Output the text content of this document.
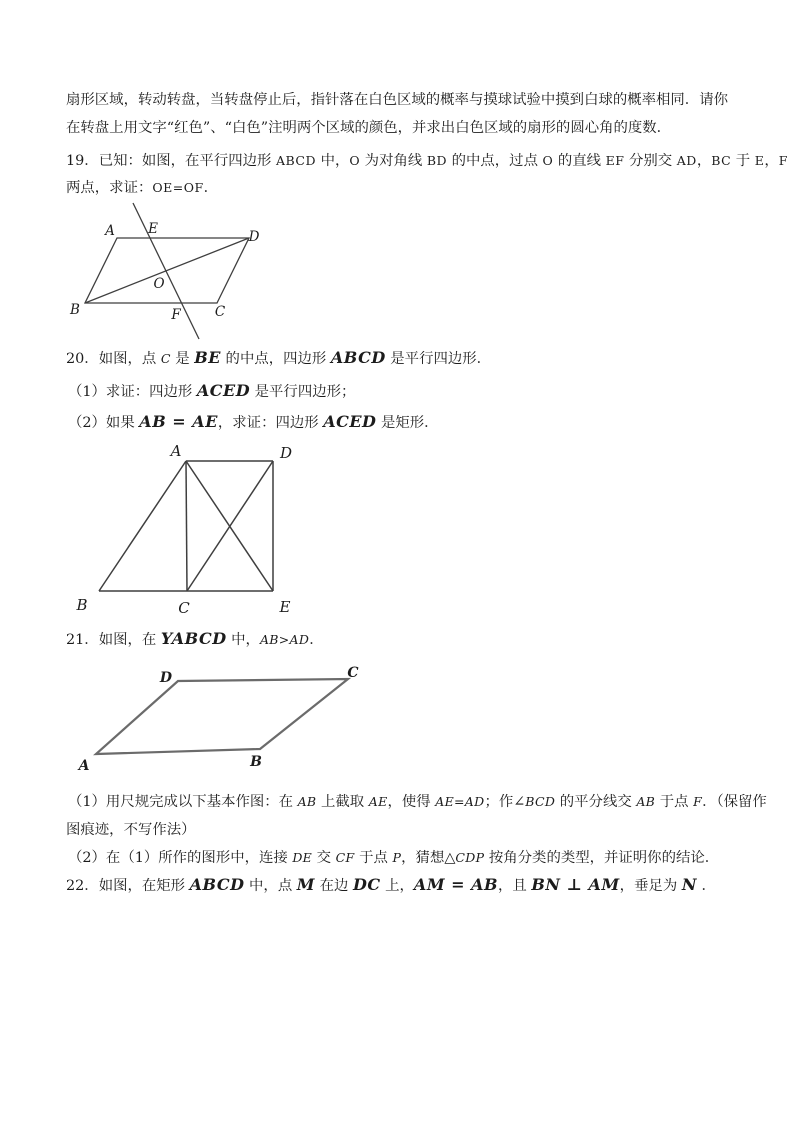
扇形区域，转动转盘，当转盘停止后，指针落在白色区域的概率与摸球试验中摸到白球的概率相同．请你
在转盘上用文字“红色”、“白色”注明两个区域的颜色，并求出白色区域的扇形的圆心角的度数．
19．已知：如图，在平行四边形 ABCD 中，O 为对角线 BD 的中点，过点 O 的直线 EF 分别交 AD，BC 于 E，F
两点，求证：OE=OF．
A E	D
O
B	F	C
20．如图，点 C 是 BE 的中点，四边形 ABCD 是平行四边形．
（1）求证：四边形 ACED 是平行四边形；
（2）如果 AB = AE，求证：四边形 ACED 是矩形．
A	D
B	C	E
21．如图，在 YABCD 中，AB>AD．
D	C
A	B
（1）用尺规完成以下基本作图：在 AB 上截取 AE，使得 AE=AD；作∠BCD 的平分线交 AB 于点 F．（保留作
图痕迹，不写作法）
（2）在（1）所作的图形中，连接 DE 交 CF 于点 P，猜想△CDP 按角分类的类型，并证明你的结论．
22．如图，在矩形 ABCD 中，点 M 在边 DC 上，AM = AB，且 BN ⊥ AM，垂足为 N ．
